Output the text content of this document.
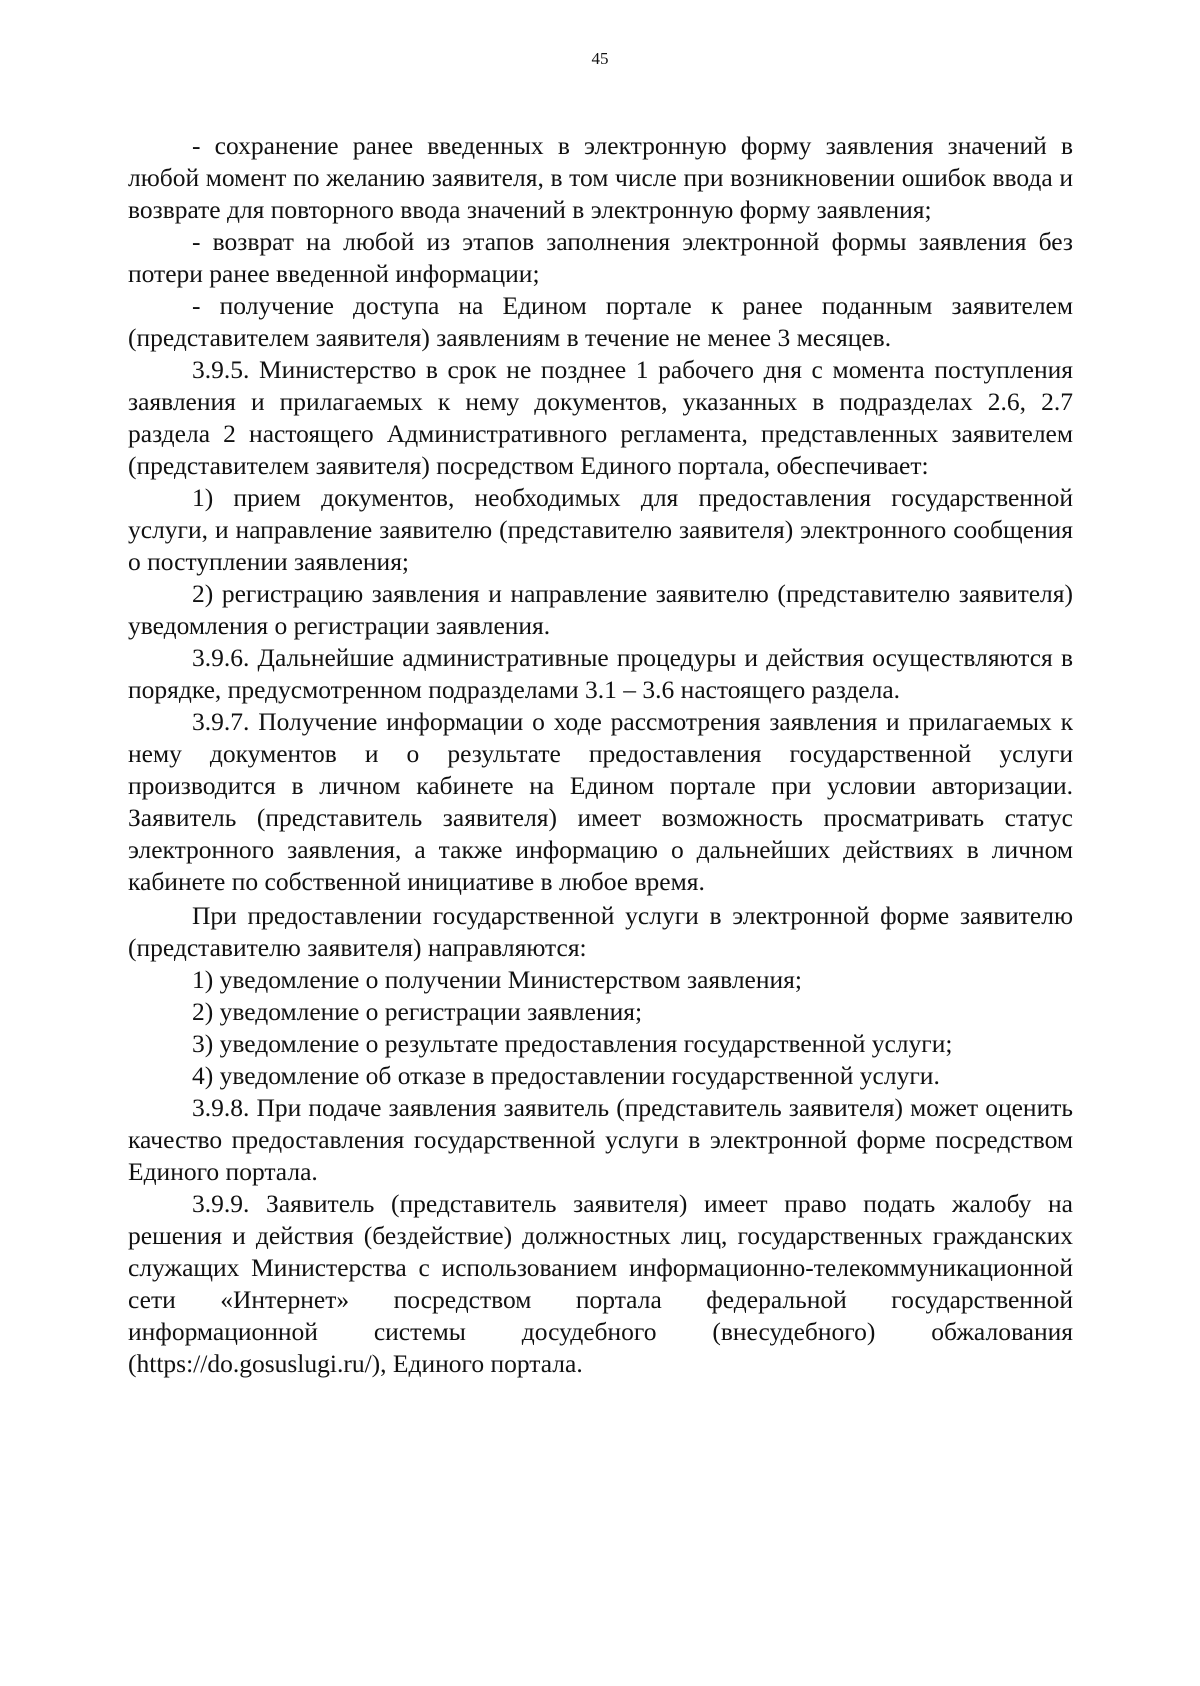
45

- сохранение ранее введенных в электронную форму заявления значений в любой момент по желанию заявителя, в том числе при возникновении ошибок ввода и возврате для повторного ввода значений в электронную форму заявления;

- возврат на любой из этапов заполнения электронной формы заявления без потери ранее введенной информации;

- получение доступа на Едином портале к ранее поданным заявителем (представителем заявителя) заявлениям в течение не менее 3 месяцев.

3.9.5. Министерство в срок не позднее 1 рабочего дня с момента поступления заявления и прилагаемых к нему документов, указанных в подразделах 2.6, 2.7 раздела 2 настоящего Административного регламента, представленных заявителем (представителем заявителя) посредством Единого портала, обеспечивает:

1) прием документов, необходимых для предоставления государственной услуги, и направление заявителю (представителю заявителя) электронного сообщения о поступлении заявления;

2) регистрацию заявления и направление заявителю (представителю заявителя) уведомления о регистрации заявления.

3.9.6. Дальнейшие административные процедуры и действия осуществляются в порядке, предусмотренном подразделами 3.1 – 3.6 настоящего раздела.

3.9.7. Получение информации о ходе рассмотрения заявления и прилагаемых к нему документов и о результате предоставления государственной услуги производится в личном кабинете на Едином портале при условии авторизации. Заявитель (представитель заявителя) имеет возможность просматривать статус электронного заявления, а также информацию о дальнейших действиях в личном кабинете по собственной инициативе в любое время.

При предоставлении государственной услуги в электронной форме заявителю (представителю заявителя) направляются:

1) уведомление о получении Министерством заявления;

2) уведомление о регистрации заявления;

3) уведомление о результате предоставления государственной услуги;

4) уведомление об отказе в предоставлении государственной услуги.

3.9.8. При подаче заявления заявитель (представитель заявителя) может оценить качество предоставления государственной услуги в электронной форме посредством Единого портала.

3.9.9. Заявитель (представитель заявителя) имеет право подать жалобу на решения и действия (бездействие) должностных лиц, государственных гражданских служащих Министерства с использованием информационно-телекоммуникационной сети «Интернет» посредством портала федеральной государственной информационной системы досудебного (внесудебного) обжалования (https://do.gosuslugi.ru/), Единого портала.
